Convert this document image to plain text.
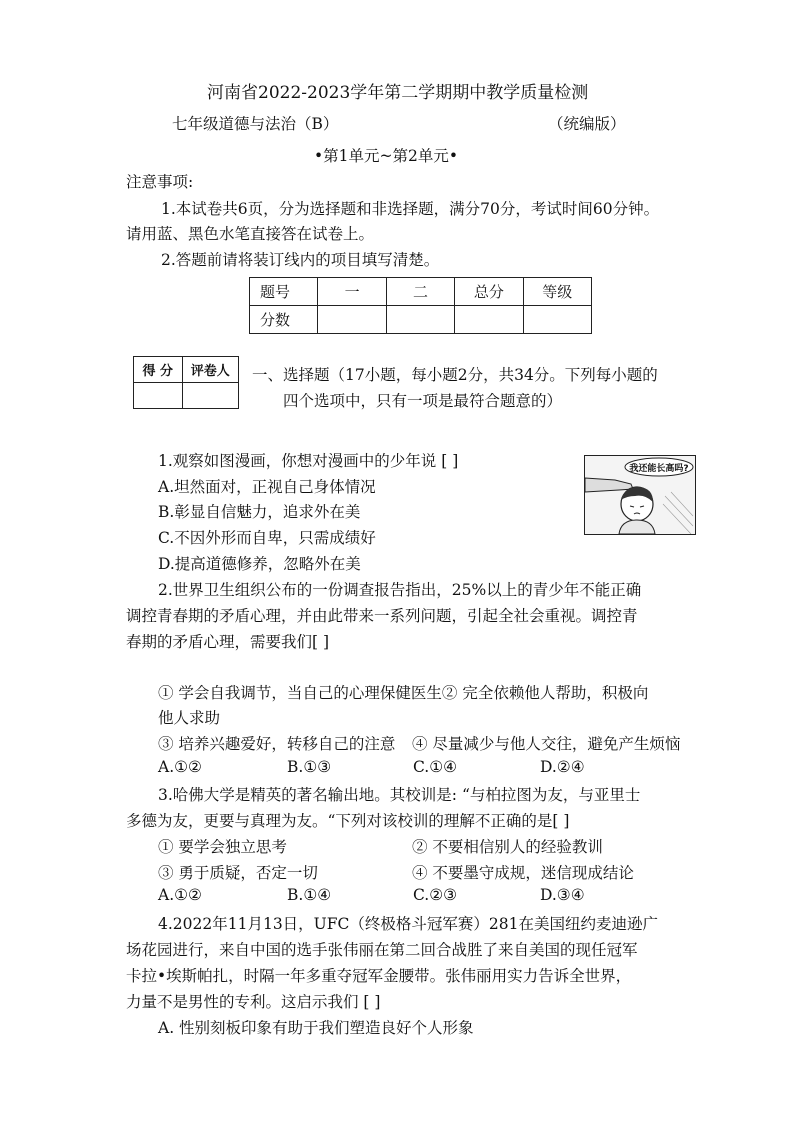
河南省2022-2023学年第二学期期中教学质量检测
七年级道德与法治（B）	（统编版）
•第1单元~第2单元•
注意事项:
1.本试卷共6页，分为选择题和非选择题，满分70分，考试时间60分钟。
请用蓝、黑色水笔直接答在试卷上。
2.答题前请将装订线内的项目填写清楚。
题号	一	二	总分	等级
分数				
得 分	评卷人
	一、选择题（17小题，每小题2分，共34分。下列每小题的
四个选项中，只有一项是最符合题意的）
我还能长高吗?
1.观察如图漫画，你想对漫画中的少年说 [ ]
A.坦然面对，正视自己身体情况
B.彰显自信魅力，追求外在美
C.不因外形而自卑，只需成绩好
D.提高道德修养，忽略外在美
2.世界卫生组织公布的一份调查报告指出，25%以上的青少年不能正确
调控青春期的矛盾心理，并由此带来一系列问题，引起全社会重视。调控青
春期的矛盾心理，需要我们[ ]
① 学会自我调节，当自己的心理保健医生② 完全依赖他人帮助，积极向
他人求助
③ 培养兴趣爱好，转移自己的注意 ④ 尽量减少与他人交往，避免产生烦恼
A.①②	B.①③	C.①④	D.②④
3.哈佛大学是精英的著名输出地。其校训是: “与柏拉图为友，与亚里士
多德为友，更要与真理为友。“下列对该校训的理解不正确的是[ ]
① 要学会独立思考	② 不要相信别人的经验教训
③ 勇于质疑，否定一切	④ 不要墨守成规，迷信现成结论
A.①②	B.①④	C.②③	D.③④
4.2022年11月13日，UFC（终极格斗冠军赛）281在美国纽约麦迪逊广
场花园进行，来自中国的选手张伟丽在第二回合战胜了来自美国的现任冠军
卡拉•埃斯帕扎，时隔一年多重夺冠军金腰带。张伟丽用实力告诉全世界，
力量不是男性的专利。这启示我们 [ ]
A. 性别刻板印象有助于我们塑造良好个人形象
